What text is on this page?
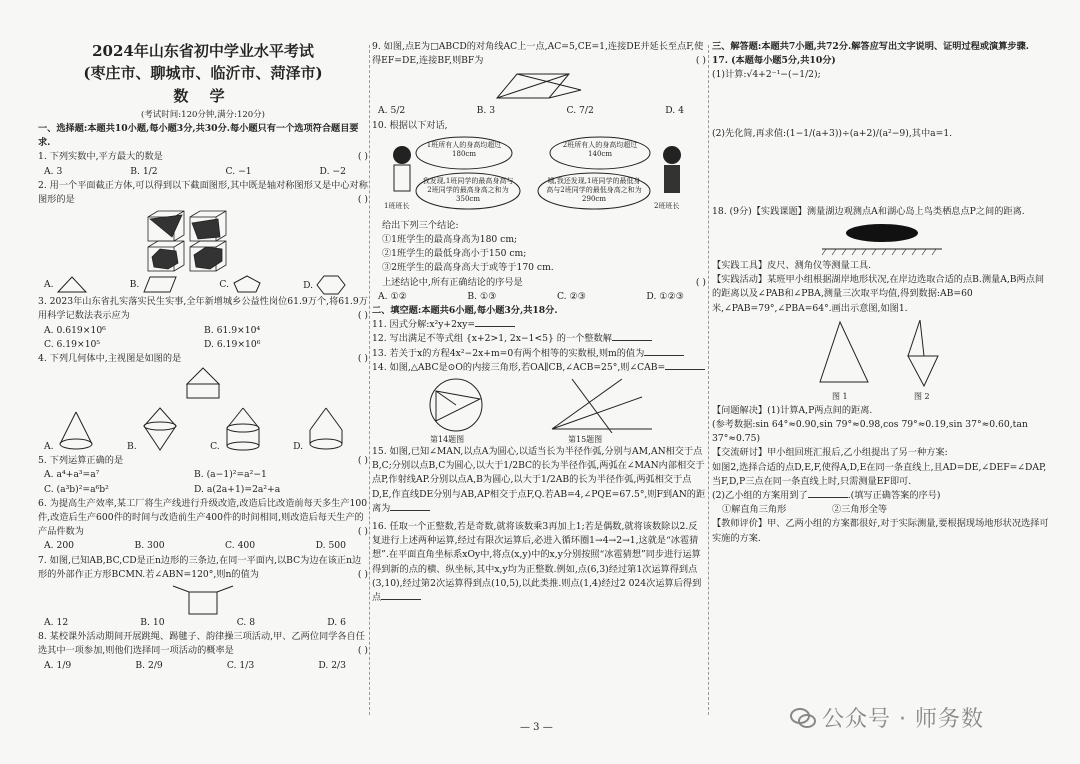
2024年山东省初中学业水平考试
(枣庄市、聊城市、临沂市、菏泽市)
数 学
(考试时间:120分钟,满分:120分)
一、选择题:本题共10小题,每小题3分,共30分.每小题只有一个选项符合题目要求.
1. 下列实数中,平方最大的数是	( )
A. 3	B. 1/2	C. −1	D. −2
2. 用一个平面截正方体,可以得到以下截面图形,其中既是轴对称图形又是中心对称图形的是	( )
A.	B.	C.	D.
3. 2023年山东省扎实落实民生实事,全年新增城乡公益性岗位61.9万个,将61.9万用科学记数法表示应为	( )
A. 0.619×10⁶	B. 61.9×10⁴
C. 6.19×10⁵	D. 6.19×10⁶
4. 下列几何体中,主视图是如图的是	( )
A.	B.	C.	D.
5. 下列运算正确的是	( )
A. a⁴+a³=a⁷	B. (a−1)²=a²−1
C. (a³b)²=a⁶b²	D. a(2a+1)=2a²+a
6. 为提高生产效率,某工厂将生产线进行升级改造,改造后比改造前每天多生产100件,改造后生产600件的时间与改造前生产400件的时间相同,则改造后每天生产的产品件数为	( )
A. 200	B. 300	C. 400	D. 500
7. 如图,已知AB,BC,CD是正n边形的三条边,在同一平面内,以BC为边在该正n边形的外部作正方形BCMN.若∠ABN=120°,则n的值为	( )
A. 12	B. 10	C. 8	D. 6
8. 某校课外活动期间开展跳绳、踢毽子、韵律操三项活动,甲、乙两位同学各自任选其中一项参加,则他们选择同一项活动的概率是	( )
A. 1/9	B. 2/9	C. 1/3	D. 2/3
9. 如图,点E为□ABCD的对角线AC上一点,AC=5,CE=1,连接DE并延长至点F,使得EF=DE,连接BF,则BF为	( )
A. 5/2	B. 3	C. 7/2	D. 4
10. 根据以下对话,
1班所有人的身高均超过180cm
我发现,1班同学的最高身高与2班同学的最高身高之和为350cm
2班所有人的身高均超过140cm
哦,我还发现,1班同学的最低身高与2班同学的最低身高之和为290cm
1班班长	2班班长
给出下列三个结论:
①1班学生的最高身高为180 cm;
②1班学生的最低身高小于150 cm;
③2班学生的最高身高大于或等于170 cm.
上述结论中,所有正确结论的序号是	( )
A. ①②	B. ①③	C. ②③	D. ①②③
二、填空题:本题共6小题,每小题3分,共18分.
11. 因式分解:x²y+2xy=
12. 写出满足不等式组 {x+2>1, 2x−1<5} 的一个整数解
13. 若关于x的方程4x²−2x+m=0有两个相等的实数根,则m的值为
14. 如图,△ABC是⊙O的内接三角形,若OA∥CB,∠ACB=25°,则∠CAB=
第14题图	第15题图
15. 如图,已知∠MAN,以点A为圆心,以适当长为半径作弧,分别与AM,AN相交于点B,C;分别以点B,C为圆心,以大于1/2BC的长为半径作弧,两弧在∠MAN内部相交于点P,作射线AP.分别以点A,B为圆心,以大于1/2AB的长为半径作弧,两弧相交于点D,E,作直线DE分别与AB,AP相交于点F,Q.若AB=4,∠PQE=67.5°,则F到AN的距离为
16. 任取一个正整数,若是奇数,就将该数乘3再加上1;若是偶数,就将该数除以2.反复进行上述两种运算,经过有限次运算后,必进入循环圈1→4→2→1,这就是“冰雹猜想”.在平面直角坐标系xOy中,将点(x,y)中的x,y分别按照“冰雹猜想”同步进行运算得到新的点的横、纵坐标,其中x,y均为正整数.例如,点(6,3)经过第1次运算得到点(3,10),经过第2次运算得到点(10,5),以此类推.则点(1,4)经过2 024次运算后得到点
— 3 —
三、解答题:本题共7小题,共72分.解答应写出文字说明、证明过程或演算步骤.
17. (本题每小题5分,共10分)
(1)计算:√4+2⁻¹−(−1/2);
(2)先化简,再求值:(1−1/(a+3))÷(a+2)/(a²−9),其中a=1.
18. (9分)【实践课题】测量湖边观测点A和湖心岛上鸟类栖息点P之间的距离.
【实践工具】皮尺、测角仪等测量工具.
【实践活动】某班甲小组根据湖岸地形状况,在岸边选取合适的点B.测量A,B两点间的距离以及∠PAB和∠PBA,测量三次取平均值,得到数据:AB=60米,∠PAB=79°,∠PBA=64°.画出示意图,如图1.
图 1	图 2
【问题解决】(1)计算A,P两点间的距离.
(参考数据:sin 64°≈0.90,sin 79°≈0.98,cos 79°≈0.19,sin 37°≈0.60,tan 37°≈0.75)
【交流研讨】甲小组回班汇报后,乙小组提出了另一种方案:
如图2,选择合适的点D,E,F,使得A,D,E在同一条直线上,且AD=DE,∠DEF=∠DAP,当F,D,P三点在同一条直线上时,只需测量EF即可.
(2)乙小组的方案用到了	.(填写正确答案的序号)
①解直角三角形	②三角形全等
【教师评价】甲、乙两小组的方案都很好,对于实际测量,要根据现场地形状况选择可实施的方案.
公众号 · 师务数
